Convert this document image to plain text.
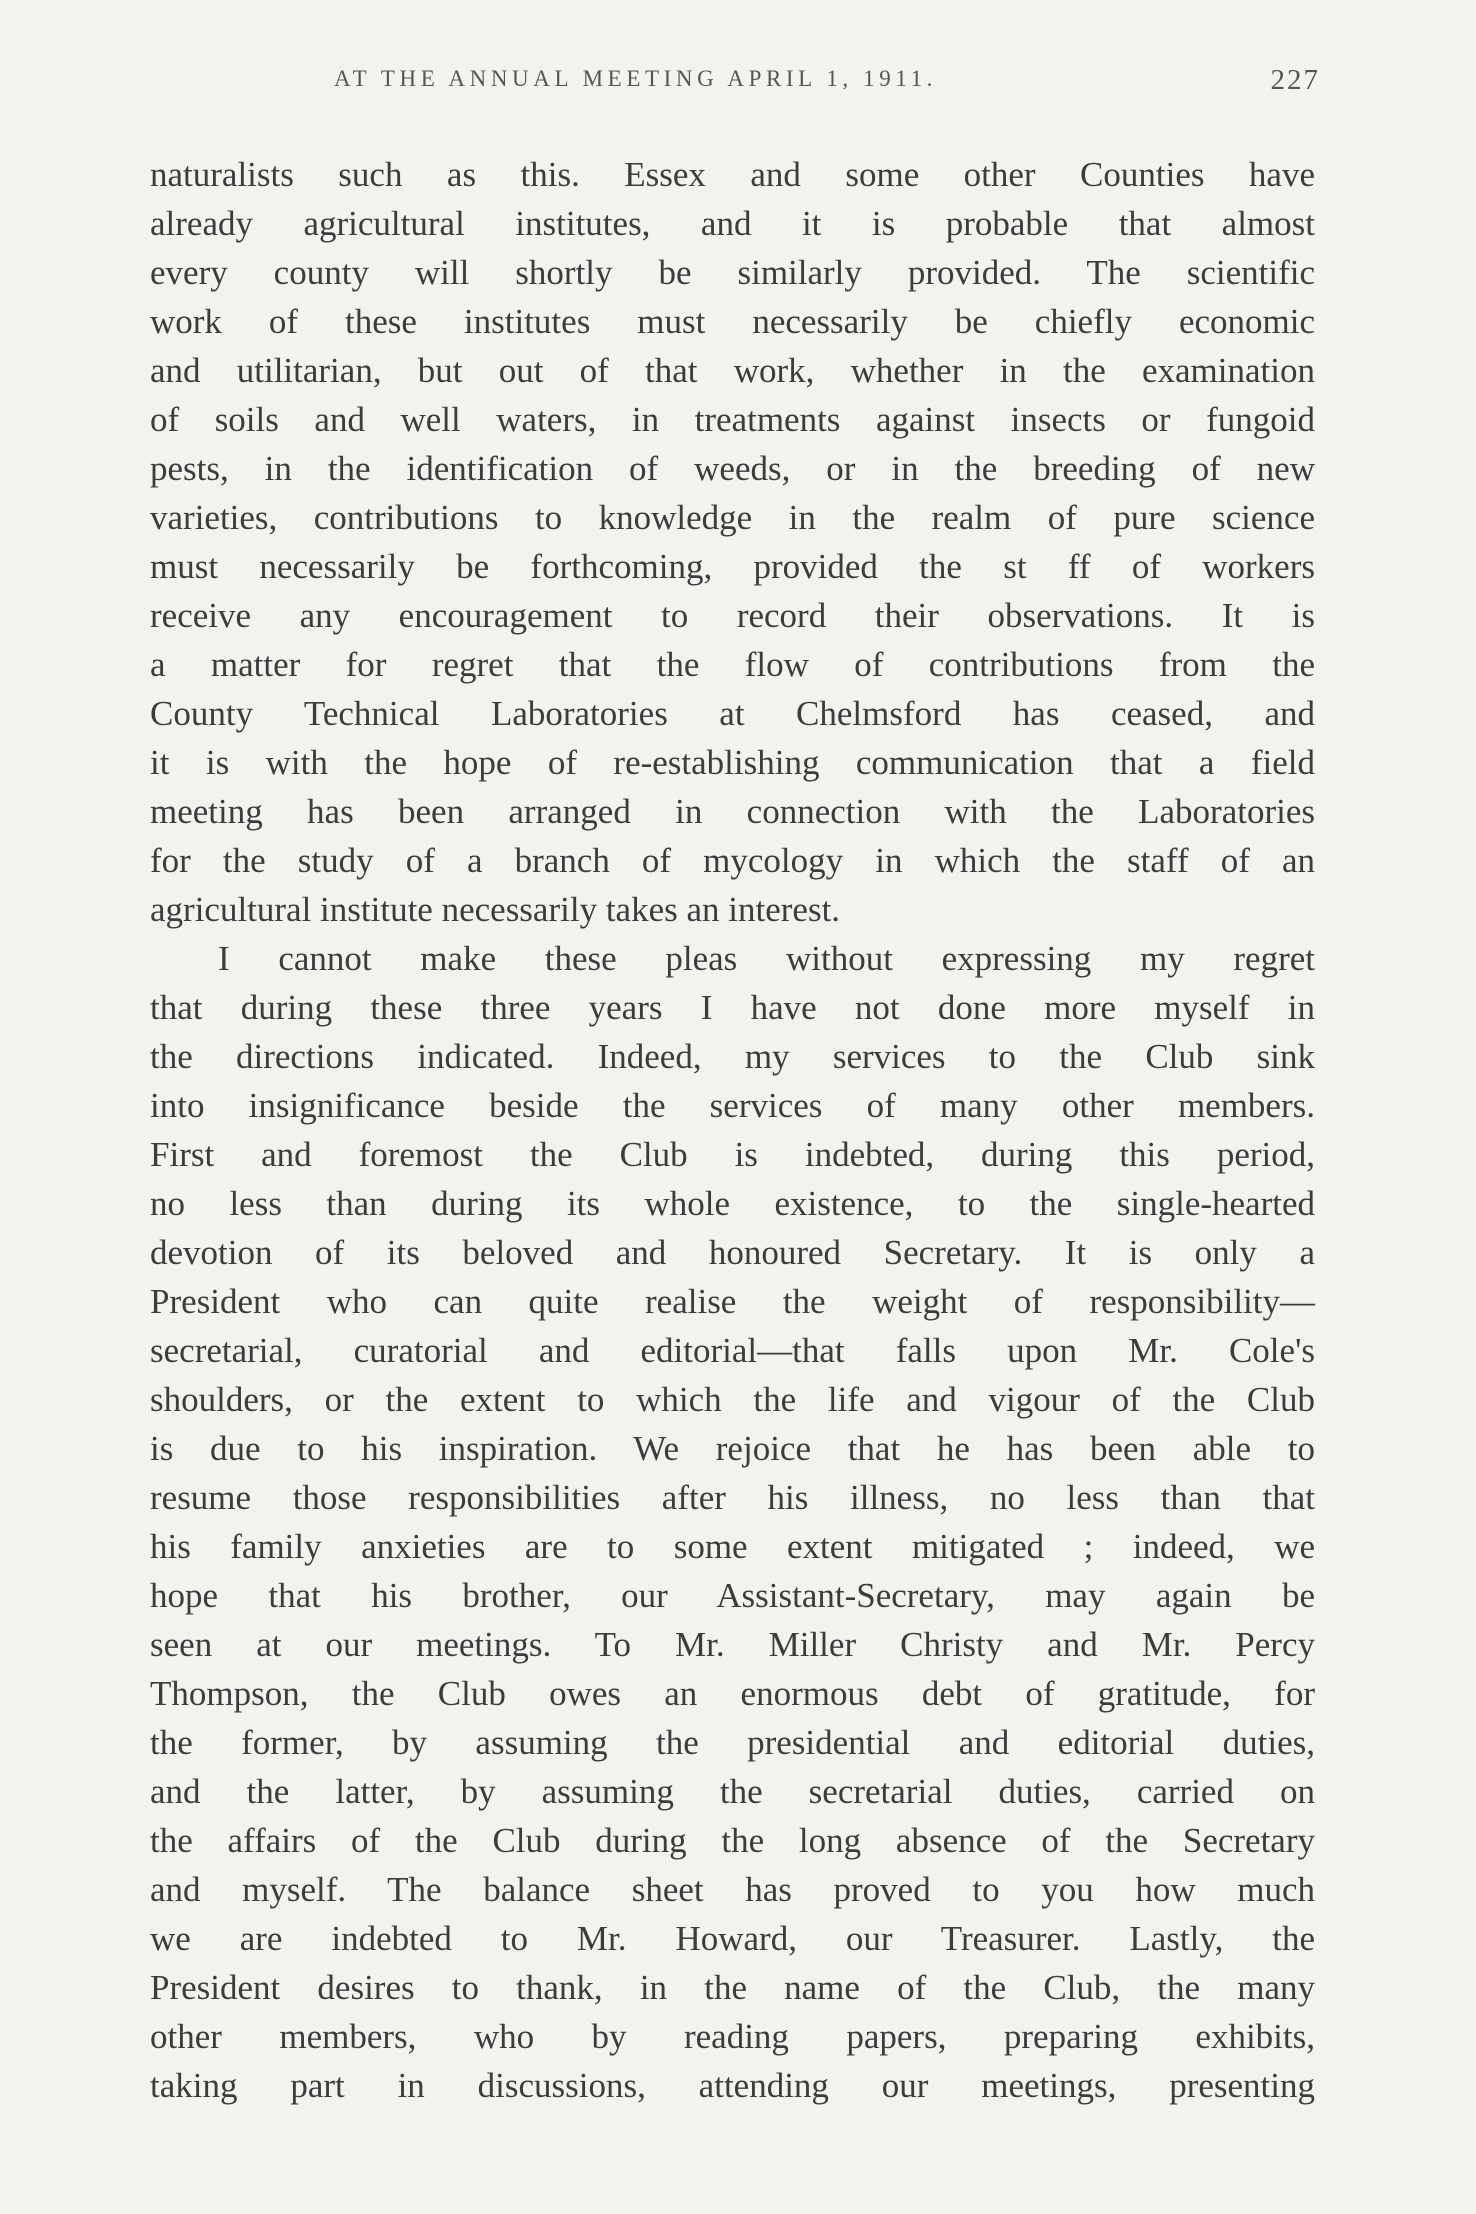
AT THE ANNUAL MEETING APRIL 1, 1911.	227
naturalists such as this. Essex and some other Counties have
already agricultural institutes, and it is probable that almost
every county will shortly be similarly provided. The scientific
work of these institutes must necessarily be chiefly economic
and utilitarian, but out of that work, whether in the examination
of soils and well waters, in treatments against insects or fungoid
pests, in the identification of weeds, or in the breeding of new
varieties, contributions to knowledge in the realm of pure science
must necessarily be forthcoming, provided the st ff of workers
receive any encouragement to record their observations. It is
a matter for regret that the flow of contributions from the
County Technical Laboratories at Chelmsford has ceased, and
it is with the hope of re-establishing communication that a field
meeting has been arranged in connection with the Laboratories
for the study of a branch of mycology in which the staff of an
agricultural institute necessarily takes an interest.
I cannot make these pleas without expressing my regret
that during these three years I have not done more myself in
the directions indicated. Indeed, my services to the Club sink
into insignificance beside the services of many other members.
First and foremost the Club is indebted, during this period,
no less than during its whole existence, to the single-hearted
devotion of its beloved and honoured Secretary. It is only a
President who can quite realise the weight of responsibility—
secretarial, curatorial and editorial—that falls upon Mr. Cole's
shoulders, or the extent to which the life and vigour of the Club
is due to his inspiration. We rejoice that he has been able to
resume those responsibilities after his illness, no less than that
his family anxieties are to some extent mitigated ; indeed, we
hope that his brother, our Assistant-Secretary, may again be
seen at our meetings. To Mr. Miller Christy and Mr. Percy
Thompson, the Club owes an enormous debt of gratitude, for
the former, by assuming the presidential and editorial duties,
and the latter, by assuming the secretarial duties, carried on
the affairs of the Club during the long absence of the Secretary
and myself. The balance sheet has proved to you how much
we are indebted to Mr. Howard, our Treasurer. Lastly, the
President desires to thank, in the name of the Club, the many
other members, who by reading papers, preparing exhibits,
taking part in discussions, attending our meetings, presenting
